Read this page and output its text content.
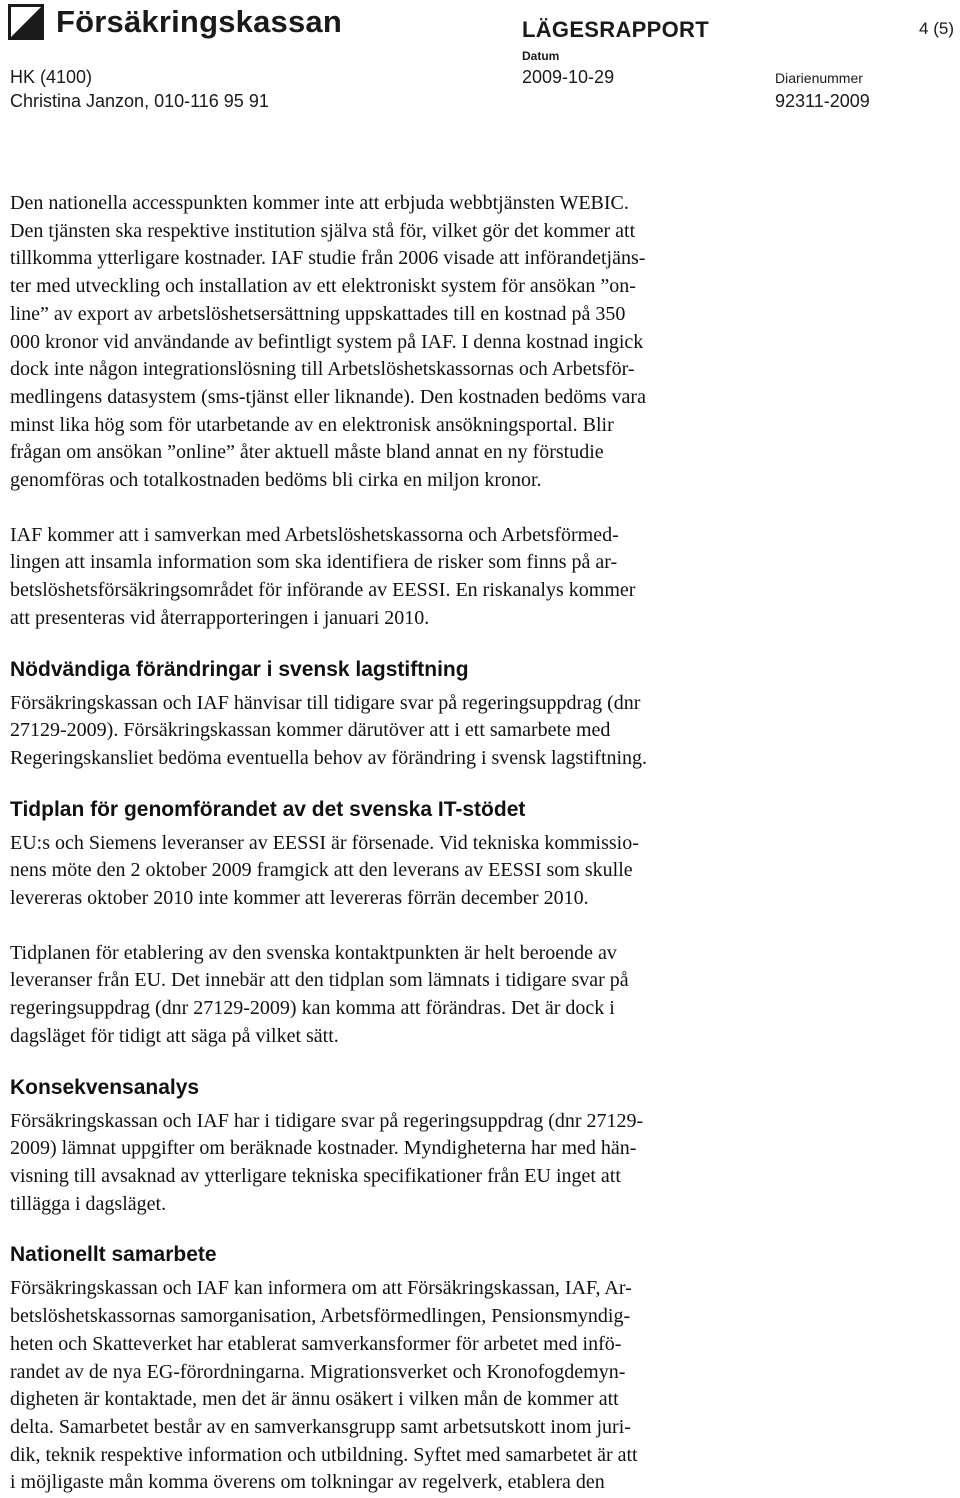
Försäkringskassan	LÄGESRAPPORT	4 (5)
HK (4100)
Christina Janzon, 010-116 95 91
Datum
2009-10-29	Diarienummer
92311-2009

Den nationella accesspunkten kommer inte att erbjuda webbtjänsten WEBIC.
Den tjänsten ska respektive institution själva stå för, vilket gör det kommer att
tillkomma ytterligare kostnader. IAF studie från 2006 visade att införandetjäns-
ter med utveckling och installation av ett elektroniskt system för ansökan ”on-
line” av export av arbetslöshetsersättning uppskattades till en kostnad på 350
000 kronor vid användande av befintligt system på IAF. I denna kostnad ingick
dock inte någon integrationslösning till Arbetslöshetskassornas och Arbetsför-
medlingens datasystem (sms-tjänst eller liknande). Den kostnaden bedöms vara
minst lika hög som för utarbetande av en elektronisk ansökningsportal. Blir
frågan om ansökan ”online” åter aktuell måste bland annat en ny förstudie
genomföras och totalkostnaden bedöms bli cirka en miljon kronor.

IAF kommer att i samverkan med Arbetslöshetskassorna och Arbetsförmed-
lingen att insamla information som ska identifiera de risker som finns på ar-
betslöshetsförsäkringsområdet för införande av EESSI. En riskanalys kommer
att presenteras vid återrapporteringen i januari 2010.

Nödvändiga förändringar i svensk lagstiftning

Försäkringskassan och IAF hänvisar till tidigare svar på regeringsuppdrag (dnr
27129-2009). Försäkringskassan kommer därutöver att i ett samarbete med
Regeringskansliet bedöma eventuella behov av förändring i svensk lagstiftning.

Tidplan för genomförandet av det svenska IT-stödet

EU:s och Siemens leveranser av EESSI är försenade. Vid tekniska kommissio-
nens möte den 2 oktober 2009 framgick att den leverans av EESSI som skulle
levereras oktober 2010 inte kommer att levereras förrän december 2010.

Tidplanen för etablering av den svenska kontaktpunkten är helt beroende av
leveranser från EU. Det innebär att den tidplan som lämnats i tidigare svar på
regeringsuppdrag (dnr 27129-2009) kan komma att förändras. Det är dock i
dagsläget för tidigt att säga på vilket sätt.

Konsekvensanalys

Försäkringskassan och IAF har i tidigare svar på regeringsuppdrag (dnr 27129-
2009) lämnat uppgifter om beräknade kostnader. Myndigheterna har med hän-
visning till avsaknad av ytterligare tekniska specifikationer från EU inget att
tillägga i dagsläget.

Nationellt samarbete

Försäkringskassan och IAF kan informera om att Försäkringskassan, IAF, Ar-
betslöshetskassornas samorganisation, Arbetsförmedlingen, Pensionsmyndig-
heten och Skatteverket har etablerat samverkansformer för arbetet med infö-
randet av de nya EG-förordningarna. Migrationsverket och Kronofogdemyn-
digheten är kontaktade, men det är ännu osäkert i vilken mån de kommer att
delta. Samarbetet består av en samverkansgrupp samt arbetsutskott inom juri-
dik, teknik respektive information och utbildning. Syftet med samarbetet är att
i möjligaste mån komma överens om tolkningar av regelverk, etablera den
